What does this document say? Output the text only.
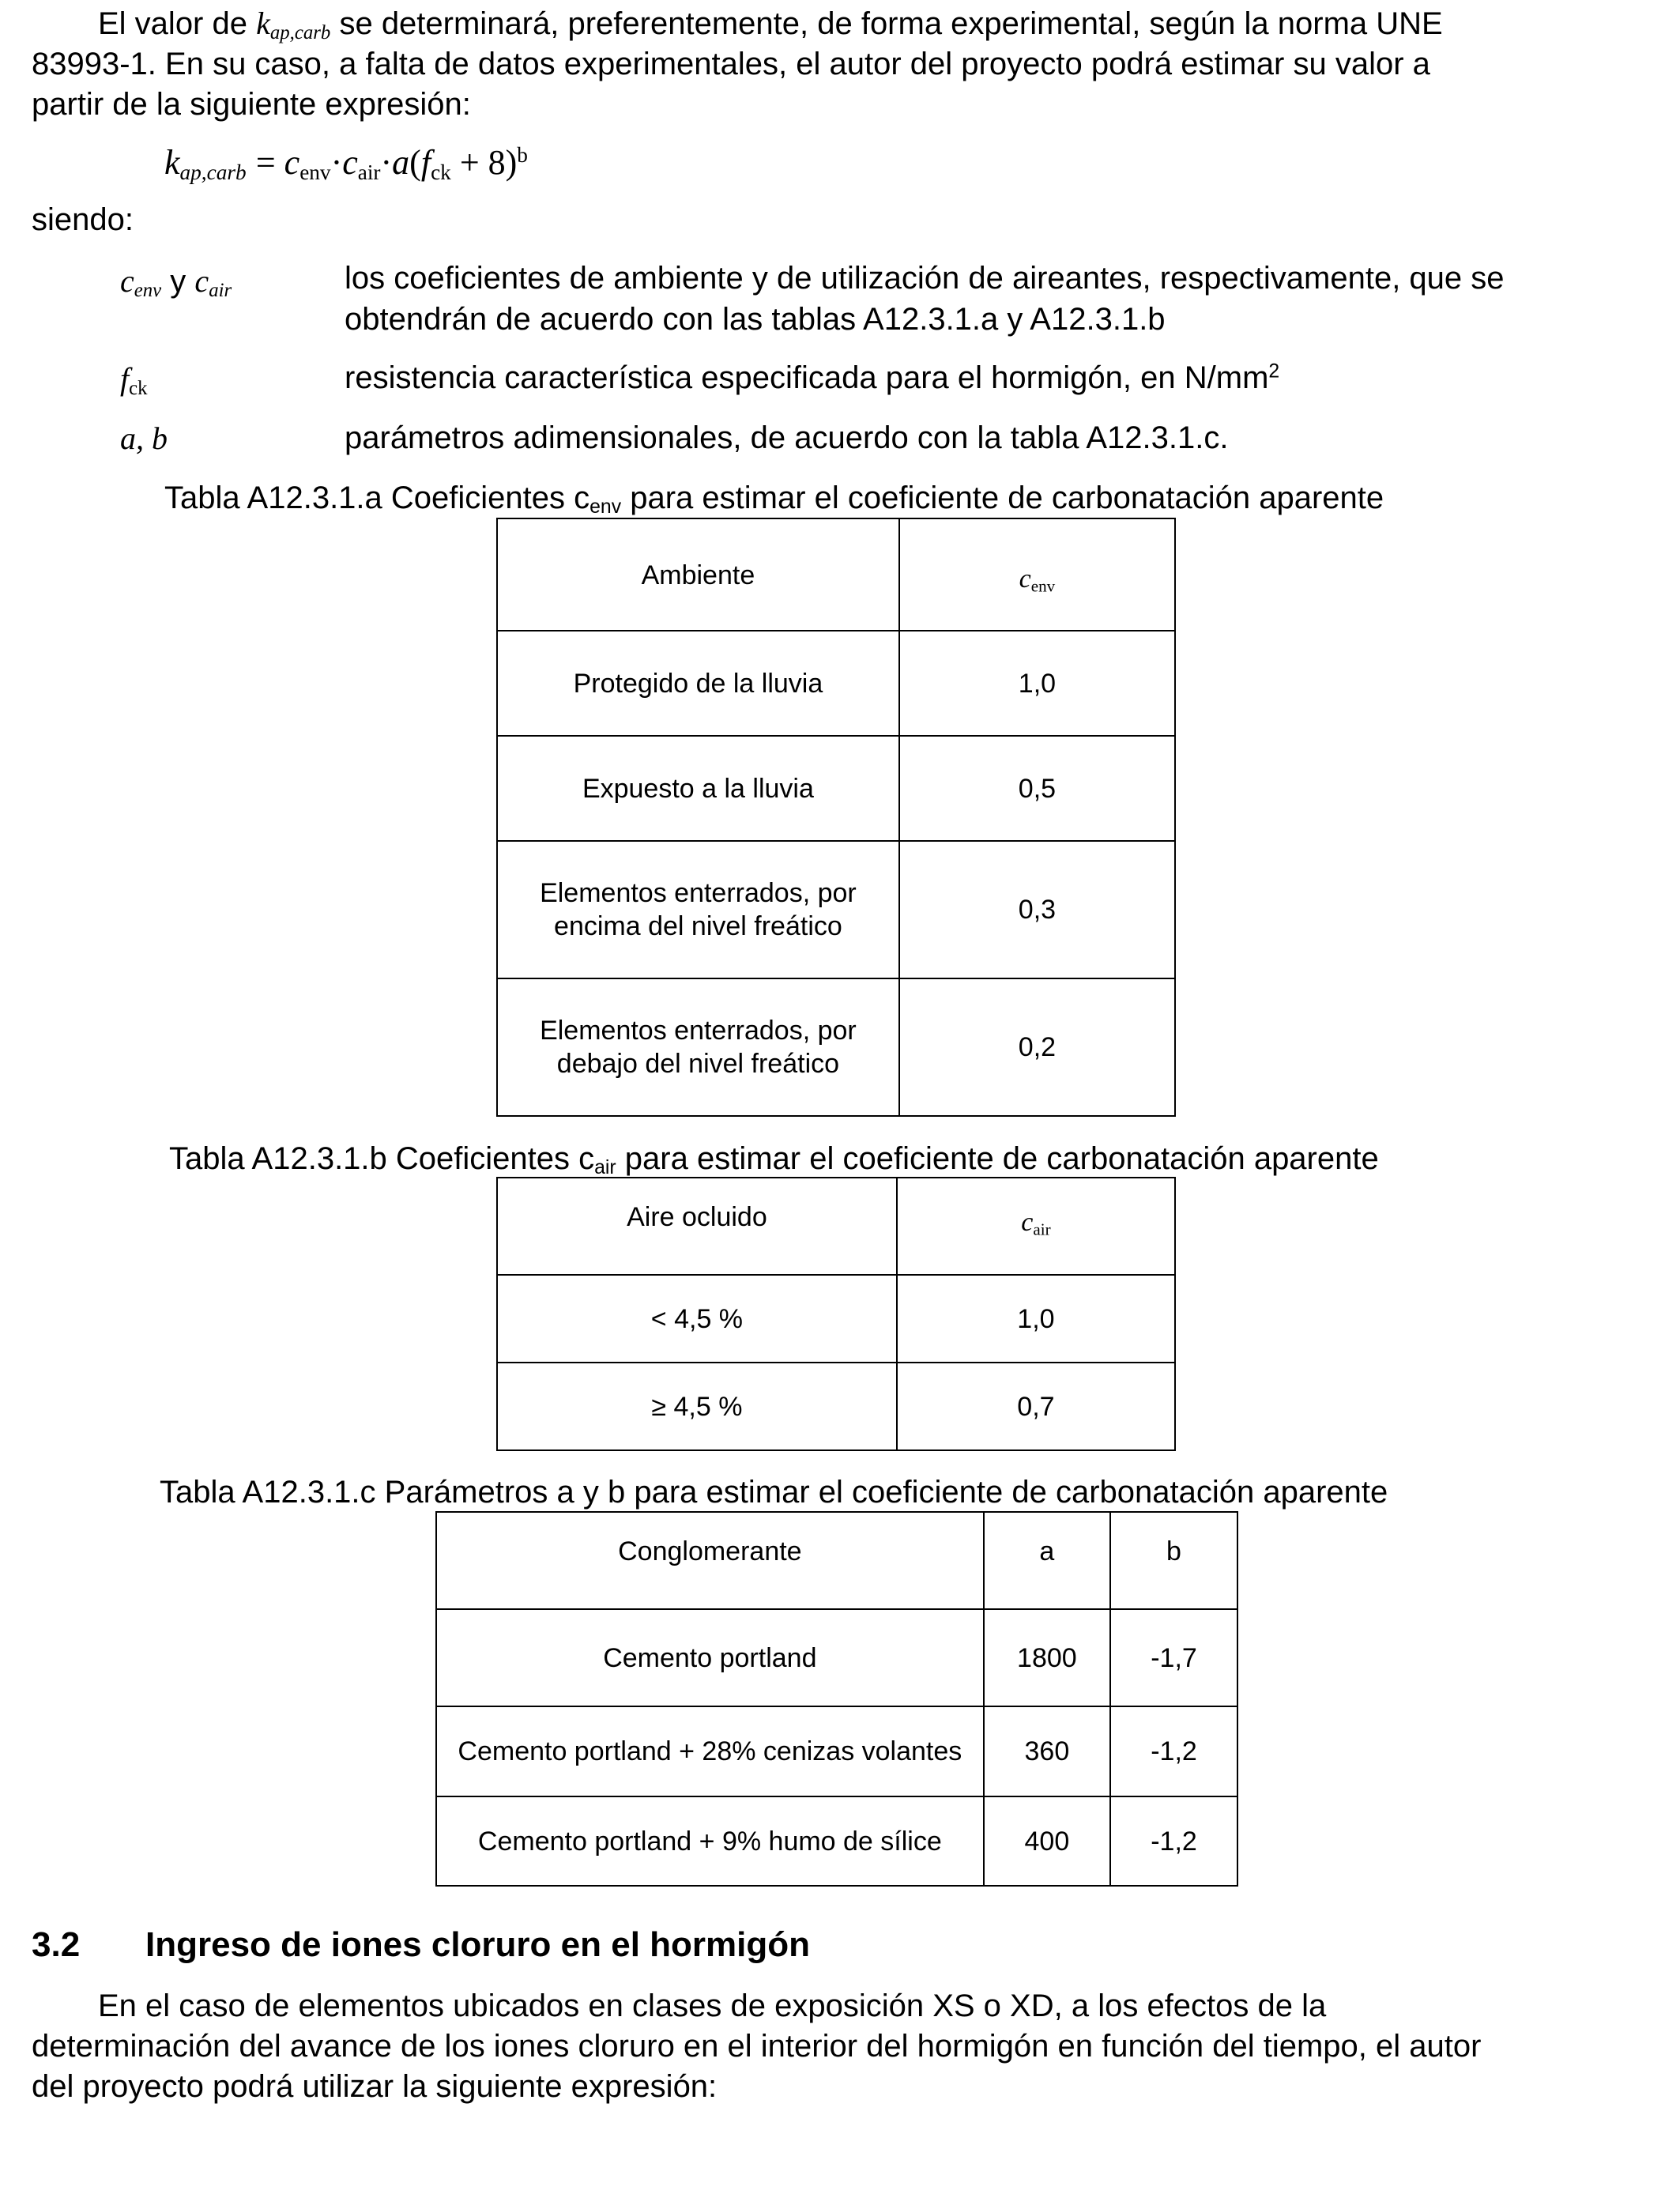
El valor de $k_{ap,carb}$ se determinará, preferentemente, de forma experimental, según la norma UNE
83993-1. En su caso, a falta de datos experimentales, el autor del proyecto podrá estimar su valor a
partir de la siguiente expresión:
$k_{ap,carb} = c_{env}\cdot c_{air}\cdot a(f_{ck} + 8)^b$
siendo:
$c_{env}$ y $c_{air}$	los coeficientes de ambiente y de utilización de aireantes, respectivamente, que se
obtendrán de acuerdo con las tablas A12.3.1.a y A12.3.1.b
$f_{ck}$	resistencia característica especificada para el hormigón, en $N/mm^2$
a, b	parámetros adimensionales, de acuerdo con la tabla A12.3.1.c.
Tabla A12.3.1.a Coeficientes $c_{env}$ para estimar el coeficiente de carbonatación aparente
Ambiente	$c_{env}$
Protegido de la lluvia	1,0
Expuesto a la lluvia	0,5
Elementos enterrados, por
encima del nivel freático	0,3
Elementos enterrados, por
debajo del nivel freático	0,2
Tabla A12.3.1.b Coeficientes $c_{air}$ para estimar el coeficiente de carbonatación aparente
Aire ocluido	$c_{air}$
< 4,5 %	1,0
≥ 4,5 %	0,7
Tabla A12.3.1.c Parámetros a y b para estimar el coeficiente de carbonatación aparente
Conglomerante	a	b
Cemento portland	1800	-1,7
Cemento portland + 28% cenizas volantes	360	-1,2
Cemento portland + 9% humo de sílice	400	-1,2
3.2 Ingreso de iones cloruro en el hormigón
En el caso de elementos ubicados en clases de exposición XS o XD, a los efectos de la
determinación del avance de los iones cloruro en el interior del hormigón en función del tiempo, el autor
del proyecto podrá utilizar la siguiente expresión:
